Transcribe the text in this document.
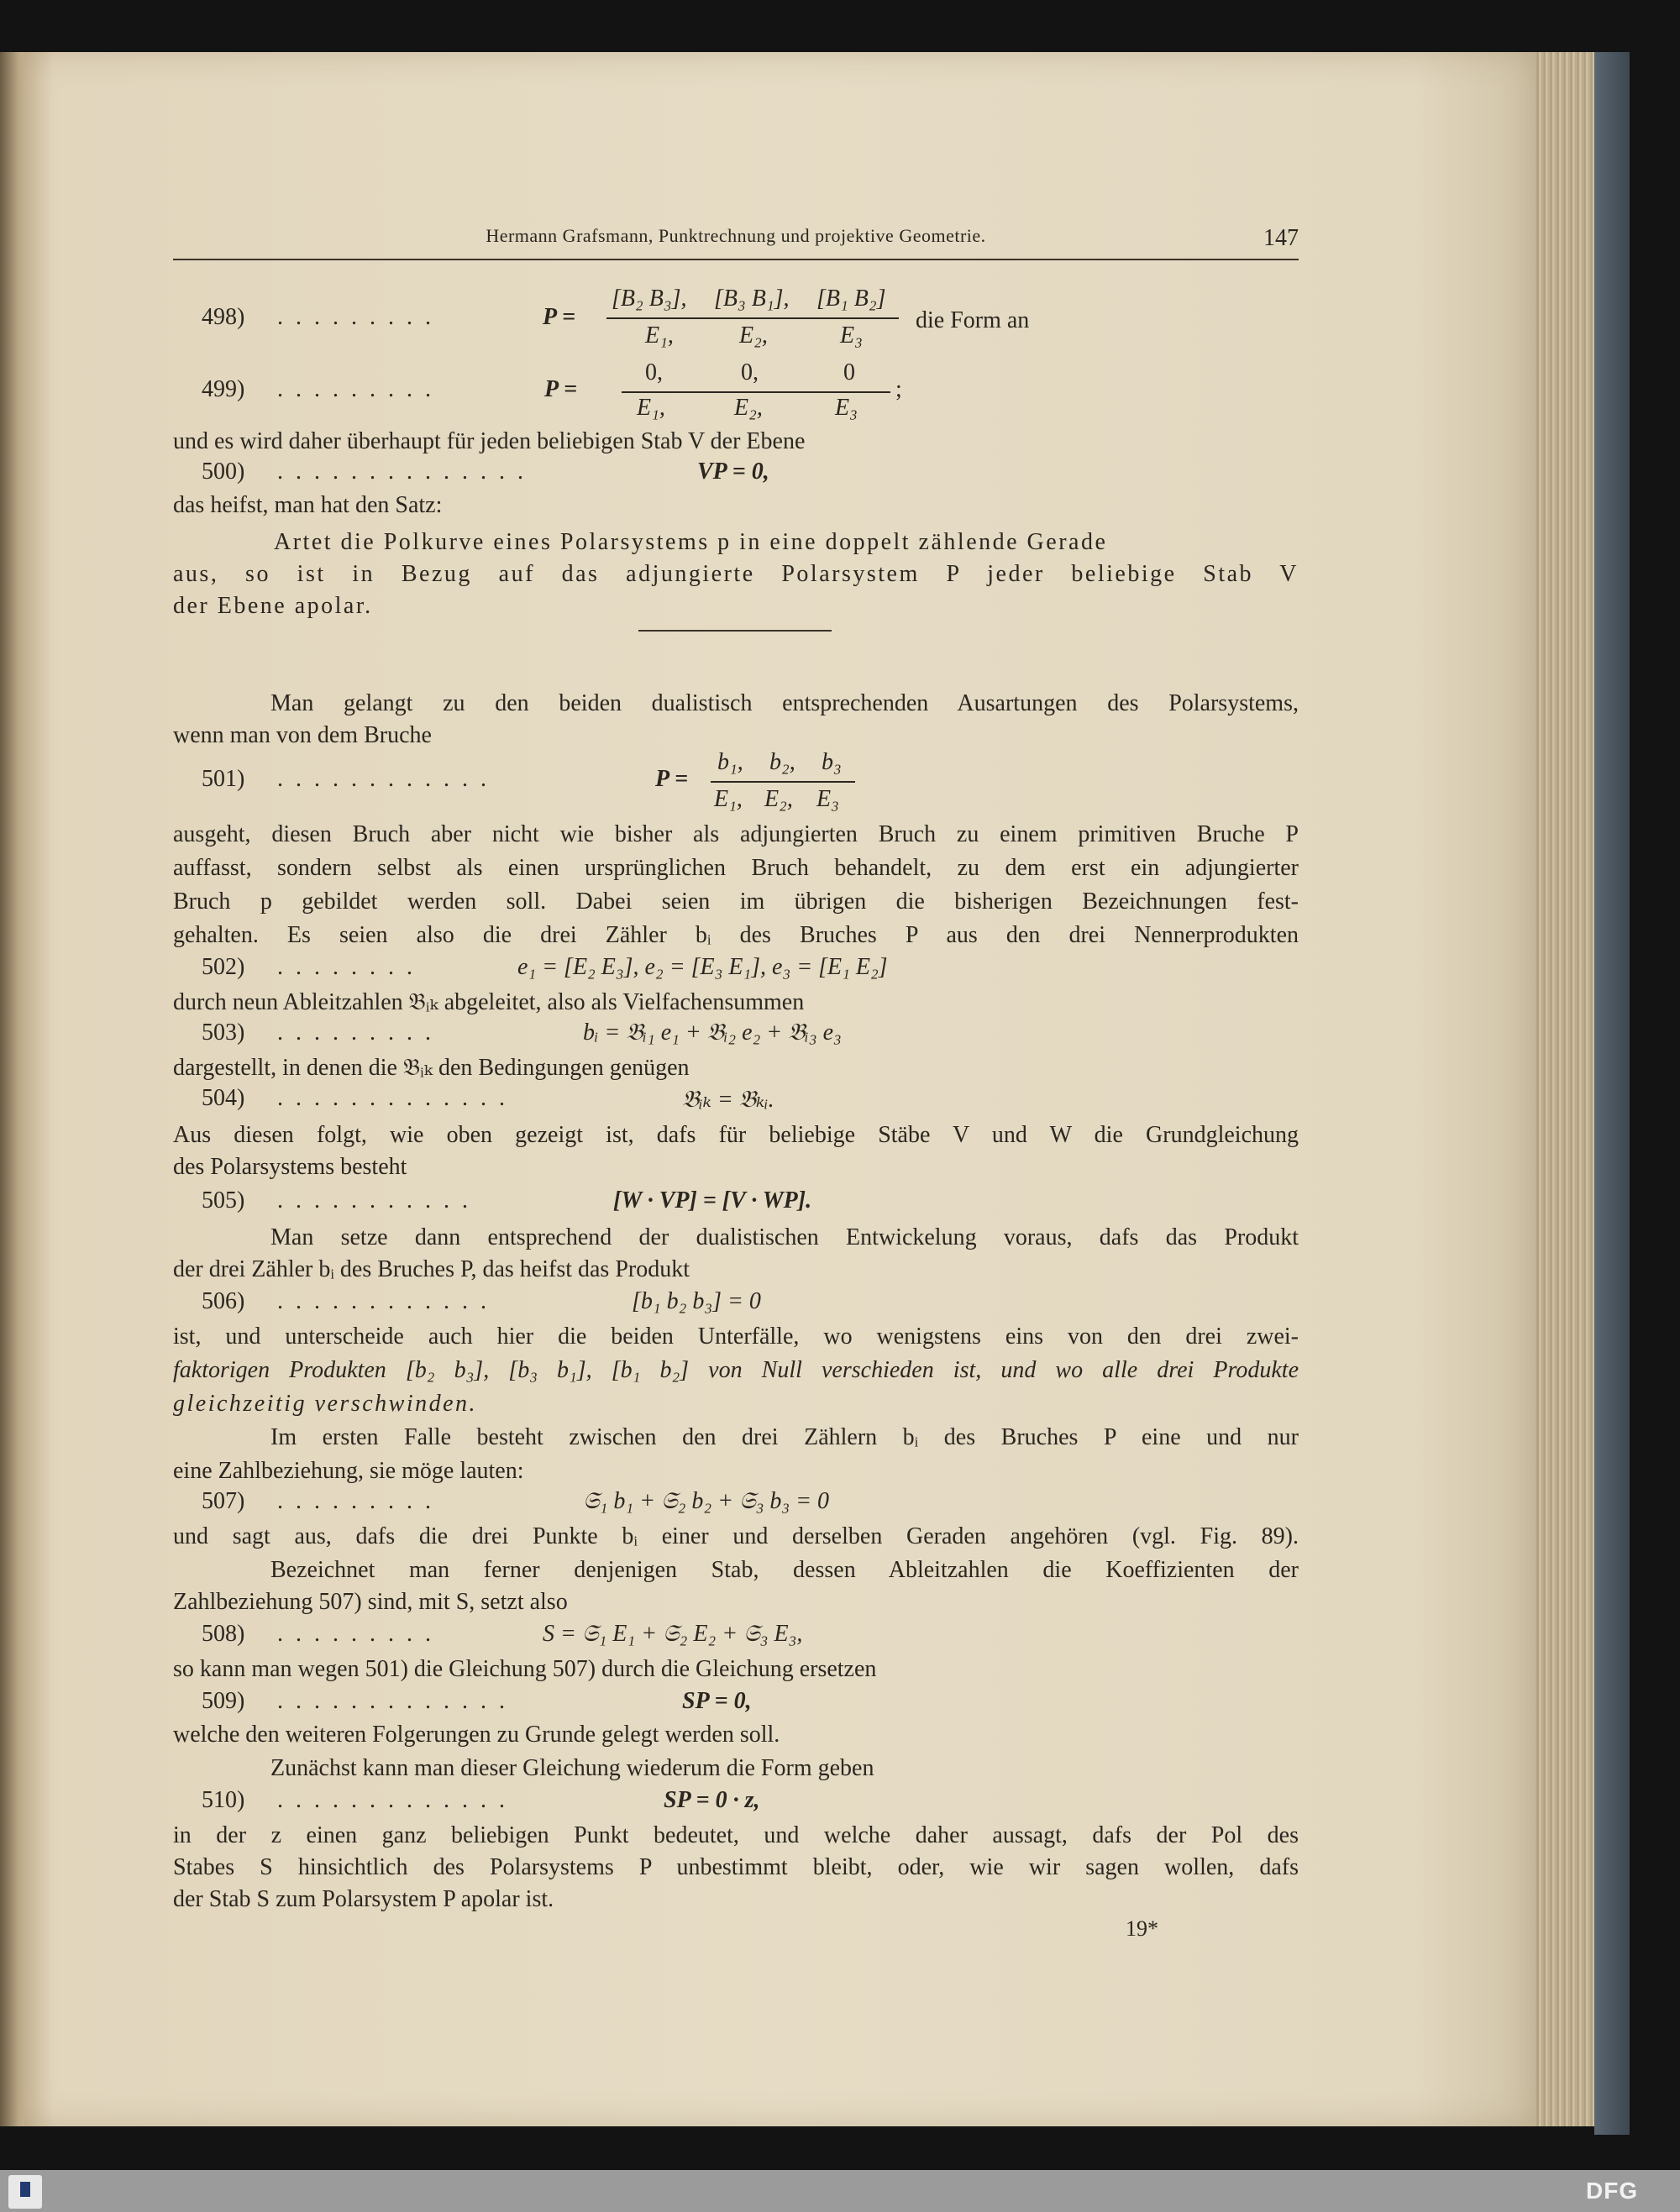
Hermann Grafsmann, Punktrechnung und projektive Geometrie.	147
498) . . . . . . . . .	P =
[B₂ B₃], [B₃ B₁], [B₁ B₂]
E₁,	E₂,	E₃
die Form an
499) . . . . . . . . .	P =
0,	0,	0
E₁,	E₂,	E₃
;
und es wird daher überhaupt für jeden beliebigen Stab V der Ebene
500) . . . . . . . . . . . . . .	VP = 0,
das heifst, man hat den Satz:
Artet die Polkurve eines Polarsystems p in eine doppelt zählende Gerade
aus, so ist in Bezug auf das adjungierte Polarsystem P jeder beliebige Stab V
der Ebene apolar.
Man gelangt zu den beiden dualistisch entsprechenden Ausartungen des Polarsystems,
wenn man von dem Bruche
501) . . . . . . . . . . . .	P =
b₁, b₂, b₃
E₁, E₂, E₃
ausgeht, diesen Bruch aber nicht wie bisher als adjungierten Bruch zu einem primitiven Bruche P
auffasst, sondern selbst als einen ursprünglichen Bruch behandelt, zu dem erst ein adjungierter
Bruch p gebildet werden soll. Dabei seien im übrigen die bisherigen Bezeichnungen fest-
gehalten. Es seien also die drei Zähler bᵢ des Bruches P aus den drei Nennerprodukten
502) . . . . . . . .	e₁ = [E₂ E₃], e₂ = [E₃ E₁], e₃ = [E₁ E₂]
durch neun Ableitzahlen 𝔅ᵢₖ abgeleitet, also als Vielfachensummen
503) . . . . . . . . .	bᵢ = 𝔅ᵢ₁ e₁ + 𝔅ᵢ₂ e₂ + 𝔅ᵢ₃ e₃
dargestellt, in denen die 𝔅ᵢₖ den Bedingungen genügen
504) . . . . . . . . . . . . .	𝔅ᵢₖ = 𝔅ₖᵢ.
Aus diesen folgt, wie oben gezeigt ist, dafs für beliebige Stäbe V und W die Grundgleichung
des Polarsystems besteht
505) . . . . . . . . . . .	[W · VP] = [V · WP].
Man setze dann entsprechend der dualistischen Entwickelung voraus, dafs das Produkt
der drei Zähler bᵢ des Bruches P, das heifst das Produkt
506) . . . . . . . . . . . .	[b₁ b₂ b₃] = 0
ist, und unterscheide auch hier die beiden Unterfälle, wo wenigstens eins von den drei zwei-
faktorigen Produkten [b₂ b₃], [b₃ b₁], [b₁ b₂] von Null verschieden ist, und wo alle drei Produkte
gleichzeitig verschwinden.
Im ersten Falle besteht zwischen den drei Zählern bᵢ des Bruches P eine und nur
eine Zahlbeziehung, sie möge lauten:
507) . . . . . . . . .	𝔖₁ b₁ + 𝔖₂ b₂ + 𝔖₃ b₃ = 0
und sagt aus, dafs die drei Punkte bᵢ einer und derselben Geraden angehören (vgl. Fig. 89).
Bezeichnet man ferner denjenigen Stab, dessen Ableitzahlen die Koeffizienten der
Zahlbeziehung 507) sind, mit S, setzt also
508) . . . . . . . . .	S = 𝔖₁ E₁ + 𝔖₂ E₂ + 𝔖₃ E₃,
so kann man wegen 501) die Gleichung 507) durch die Gleichung ersetzen
509) . . . . . . . . . . . . .	SP = 0,
welche den weiteren Folgerungen zu Grunde gelegt werden soll.
Zunächst kann man dieser Gleichung wiederum die Form geben
510) . . . . . . . . . . . . .	SP = 0 · z,
in der z einen ganz beliebigen Punkt bedeutet, und welche daher aussagt, dafs der Pol des
Stabes S hinsichtlich des Polarsystems P unbestimmt bleibt, oder, wie wir sagen wollen, dafs
der Stab S zum Polarsystem P apolar ist.
19*
DFG
